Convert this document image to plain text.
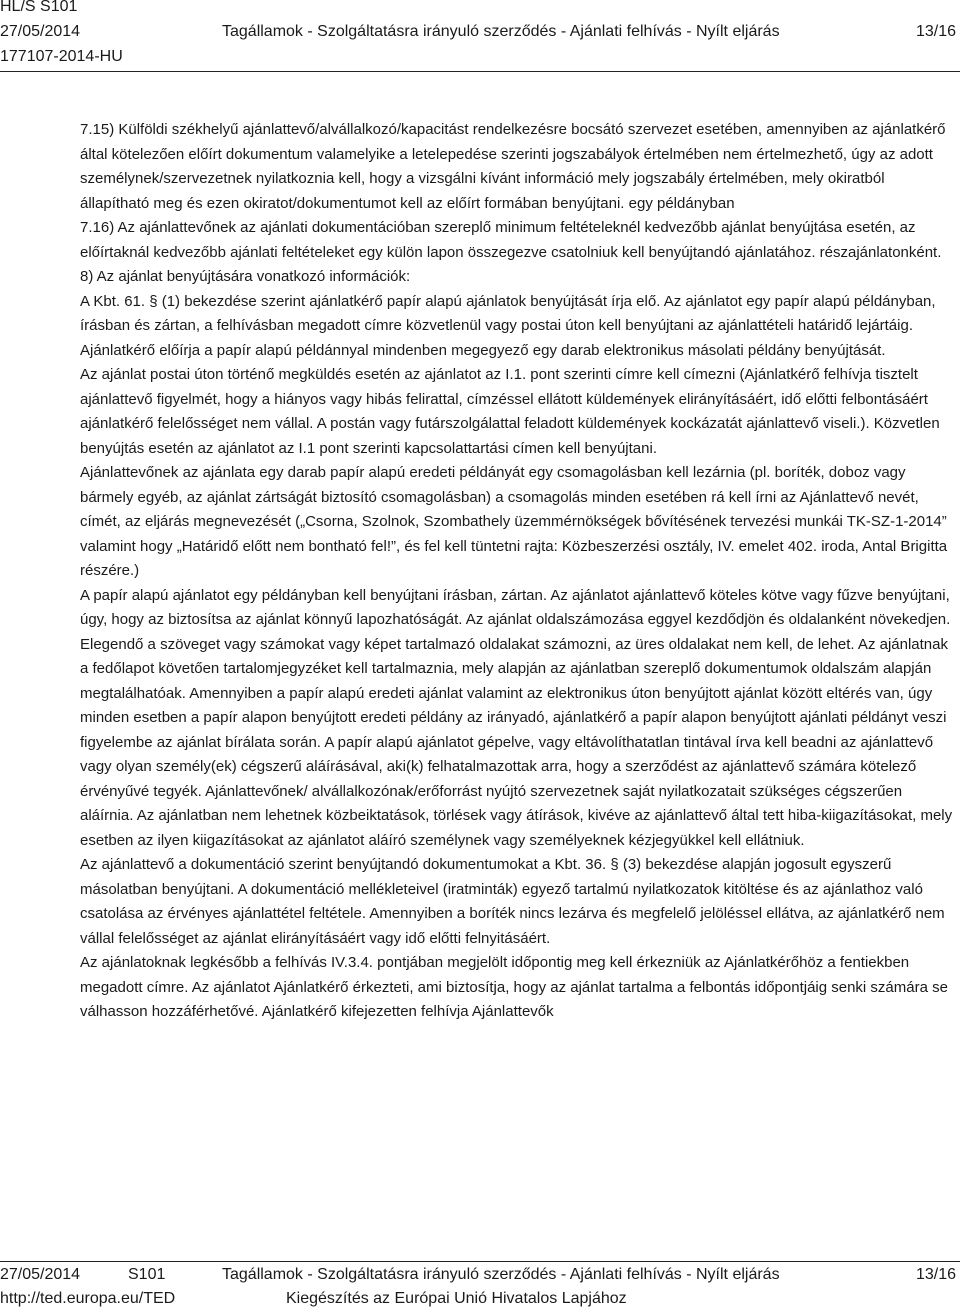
HL/S S101
27/05/2014	Tagállamok - Szolgáltatásra irányuló szerződés - Ajánlati felhívás - Nyílt eljárás	13/16
177107-2014-HU

7.15) Külföldi székhelyű ajánlattevő/alvállalkozó/kapacitást rendelkezésre bocsátó szervezet esetében, amennyiben az ajánlatkérő által kötelezően előírt dokumentum valamelyike a letelepedése szerinti jogszabályok értelmében nem értelmezhető, úgy az adott személynek/szervezetnek nyilatkoznia kell, hogy a vizsgálni kívánt információ mely jogszabály értelmében, mely okiratból állapítható meg és ezen okiratot/dokumentumot kell az előírt formában benyújtani. egy példányban

7.16) Az ajánlattevőnek az ajánlati dokumentációban szereplő minimum feltételeknél kedvezőbb ajánlat benyújtása esetén, az előírtaknál kedvezőbb ajánlati feltételeket egy külön lapon összegezve csatolniuk kell benyújtandó ajánlatához. részajánlatonként.

8) Az ajánlat benyújtására vonatkozó információk:

A Kbt. 61. § (1) bekezdése szerint ajánlatkérő papír alapú ajánlatok benyújtását írja elő. Az ajánlatot egy papír alapú példányban, írásban és zártan, a felhívásban megadott címre közvetlenül vagy postai úton kell benyújtani az ajánlattételi határidő lejártáig. Ajánlatkérő előírja a papír alapú példánnyal mindenben megegyező egy darab elektronikus másolati példány benyújtását.

Az ajánlat postai úton történő megküldés esetén az ajánlatot az I.1. pont szerinti címre kell címezni (Ajánlatkérő felhívja tisztelt ajánlattevő figyelmét, hogy a hiányos vagy hibás felirattal, címzéssel ellátott küldemények elirányításáért, idő előtti felbontásáért ajánlatkérő felelősséget nem vállal. A postán vagy futárszolgálattal feladott küldemények kockázatát ajánlattevő viseli.). Közvetlen benyújtás esetén az ajánlatot az I.1 pont szerinti kapcsolattartási címen kell benyújtani.

Ajánlattevőnek az ajánlata egy darab papír alapú eredeti példányát egy csomagolásban kell lezárnia (pl. boríték, doboz vagy bármely egyéb, az ajánlat zártságát biztosító csomagolásban) a csomagolás minden esetében rá kell írni az Ajánlattevő nevét, címét, az eljárás megnevezését („Csorna, Szolnok, Szombathely üzemmérnökségek bővítésének tervezési munkái TK-SZ-1-2014” valamint hogy „Határidő előtt nem bontható fel!”, és fel kell tüntetni rajta: Közbeszerzési osztály, IV. emelet 402. iroda, Antal Brigitta részére.)

A papír alapú ajánlatot egy példányban kell benyújtani írásban, zártan. Az ajánlatot ajánlattevő köteles kötve vagy fűzve benyújtani, úgy, hogy az biztosítsa az ajánlat könnyű lapozhatóságát. Az ajánlat oldalszámozása eggyel kezdődjön és oldalanként növekedjen. Elegendő a szöveget vagy számokat vagy képet tartalmazó oldalakat számozni, az üres oldalakat nem kell, de lehet. Az ajánlatnak a fedőlapot követően tartalomjegyzéket kell tartalmaznia, mely alapján az ajánlatban szereplő dokumentumok oldalszám alapján megtalálhatóak. Amennyiben a papír alapú eredeti ajánlat valamint az elektronikus úton benyújtott ajánlat között eltérés van, úgy minden esetben a papír alapon benyújtott eredeti példány az irányadó, ajánlatkérő a papír alapon benyújtott ajánlati példányt veszi figyelembe az ajánlat bírálata során. A papír alapú ajánlatot gépelve, vagy eltávolíthatatlan tintával írva kell beadni az ajánlattevő vagy olyan személy(ek) cégszerű aláírásával, aki(k) felhatalmazottak arra, hogy a szerződést az ajánlattevő számára kötelező érvényűvé tegyék. Ajánlattevőnek/ alvállalkozónak/erőforrást nyújtó szervezetnek saját nyilatkozatait szükséges cégszerűen aláírnia. Az ajánlatban nem lehetnek közbeiktatások, törlések vagy átírások, kivéve az ajánlattevő által tett hiba-kiigazításokat, mely esetben az ilyen kiigazításokat az ajánlatot aláíró személynek vagy személyeknek kézjegyükkel kell ellátniuk.

Az ajánlattevő a dokumentáció szerint benyújtandó dokumentumokat a Kbt. 36. § (3) bekezdése alapján jogosult egyszerű másolatban benyújtani. A dokumentáció mellékleteivel (iratminták) egyező tartalmú nyilatkozatok kitöltése és az ajánlathoz való csatolása az érvényes ajánlattétel feltétele. Amennyiben a boríték nincs lezárva és megfelelő jelöléssel ellátva, az ajánlatkérő nem vállal felelősséget az ajánlat elirányításáért vagy idő előtti felnyitásáért.

Az ajánlatoknak legkésőbb a felhívás IV.3.4. pontjában megjelölt időpontig meg kell érkezniük az Ajánlatkérőhöz a fentiekben megadott címre. Az ajánlatot Ajánlatkérő érkezteti, ami biztosítja, hogy az ajánlat tartalma a felbontás időpontjáig senki számára se válhasson hozzáférhetővé. Ajánlatkérő kifejezetten felhívja Ajánlattevők

27/05/2014	S101	Tagállamok - Szolgáltatásra irányuló szerződés - Ajánlati felhívás - Nyílt eljárás	13/16
http://ted.europa.eu/TED	Kiegészítés az Európai Unió Hivatalos Lapjához
